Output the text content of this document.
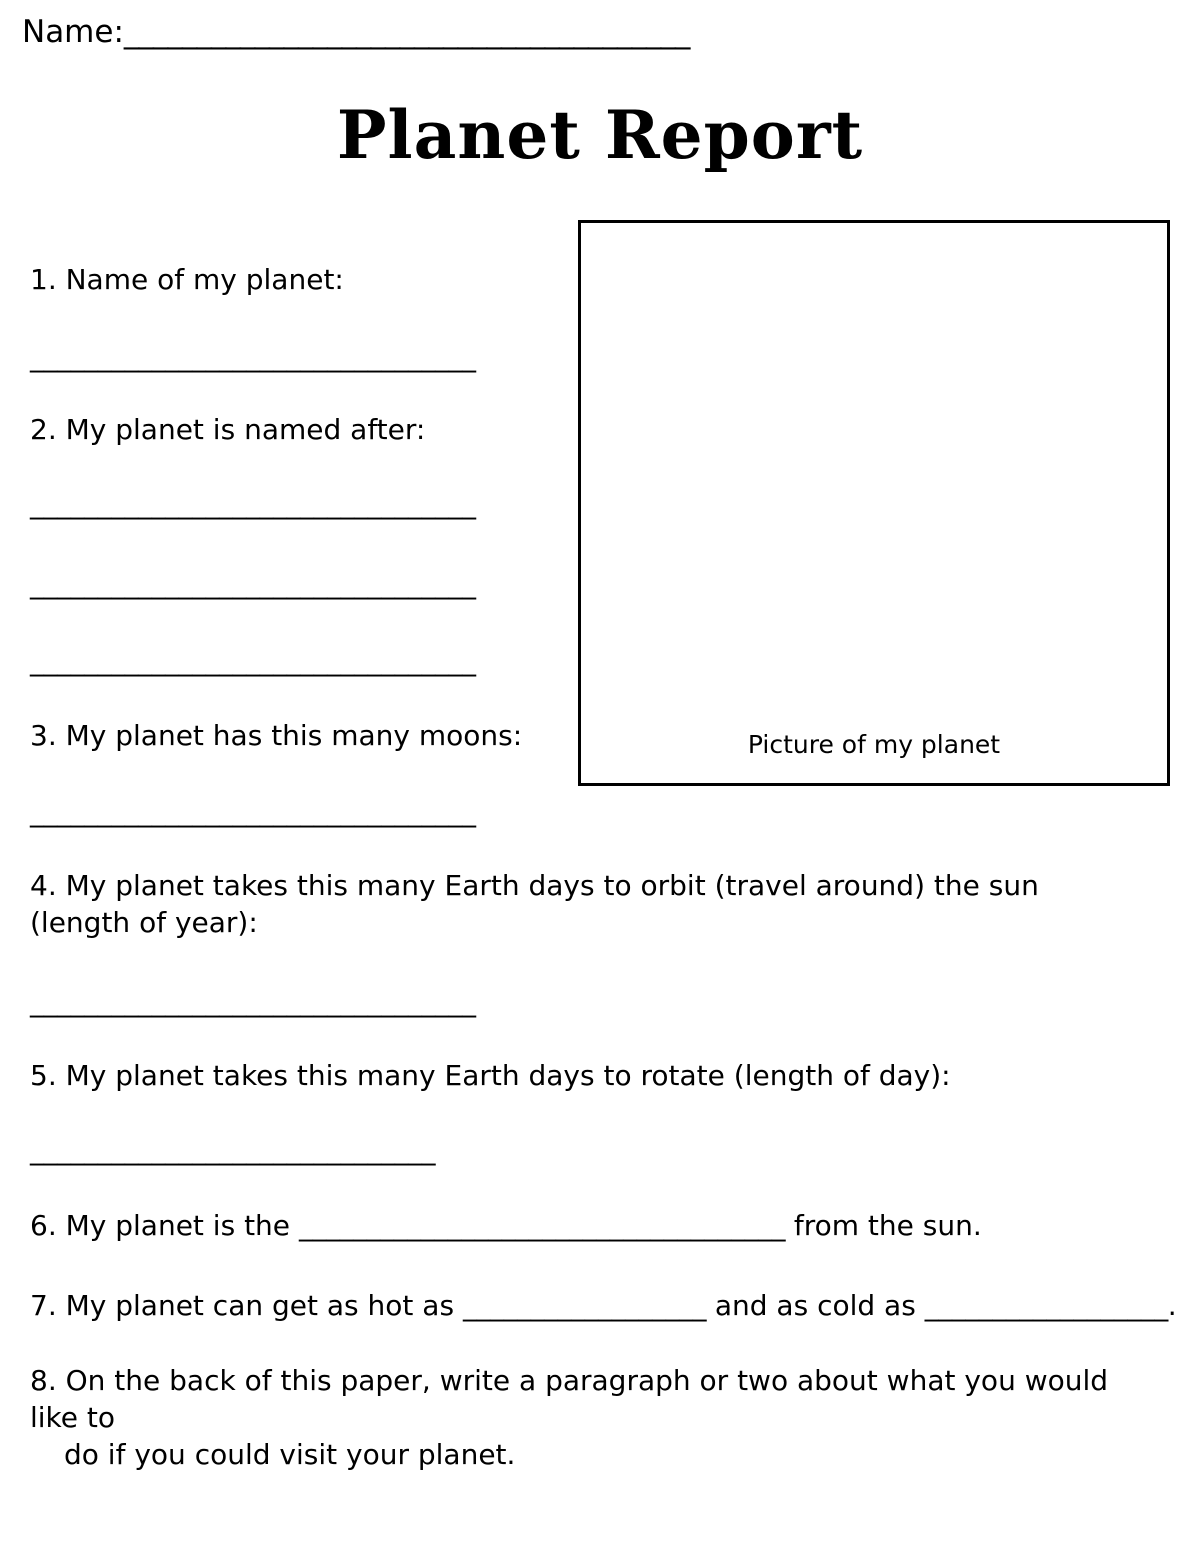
Name:_______________________________________
Planet Report
Picture of my planet
1. Name of my planet:
_________________________________
2. My planet is named after:
_________________________________
_________________________________
_________________________________
3. My planet has this many moons:
_________________________________
4. My planet takes this many Earth days to orbit (travel around) the sun (length of year):
_________________________________
5. My planet takes this many Earth days to rotate (length of day):
______________________________
6. My planet is the ____________________________________ from the sun.
7. My planet can get as hot as __________________ and as cold as __________________.
8. On the back of this paper, write a paragraph or two about what you would like to
do if you could visit your planet.
